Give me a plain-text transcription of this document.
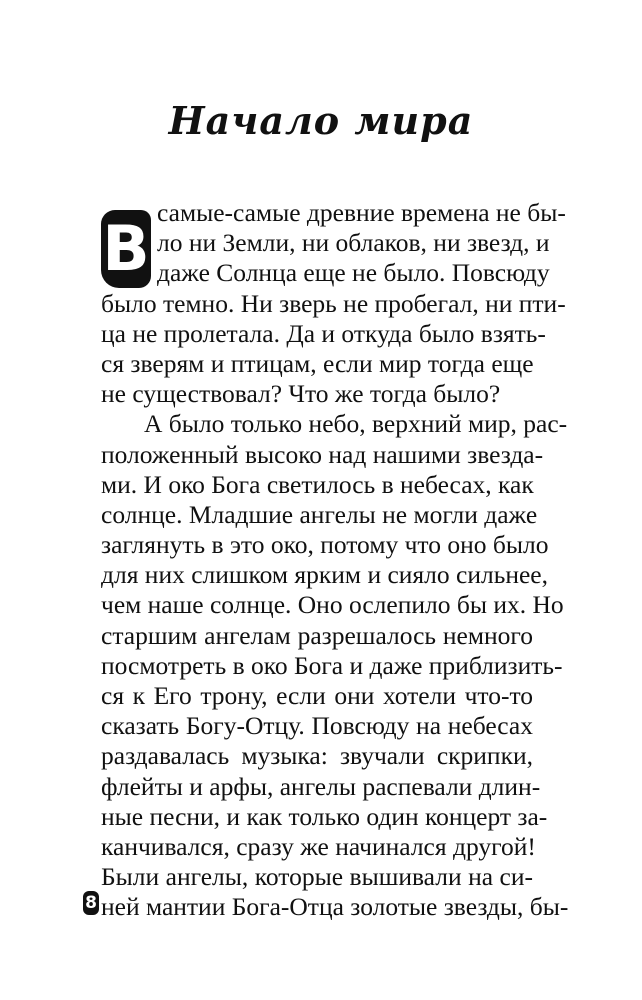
Начало мира
В самые-самые древние времена не бы-
ло ни Земли, ни облаков, ни звезд, и
даже Солнца еще не было. Повсюду
было темно. Ни зверь не пробегал, ни пти-
ца не пролетала. Да и откуда было взять-
ся зверям и птицам, если мир тогда еще
не существовал? Что же тогда было?
А было только небо, верхний мир, рас-
положенный высоко над нашими звезда-
ми. И око Бога светилось в небесах, как
солнце. Младшие ангелы не могли даже
заглянуть в это око, потому что оно было
для них слишком ярким и сияло сильнее,
чем наше солнце. Оно ослепило бы их. Но
старшим ангелам разрешалось немного
посмотреть в око Бога и даже приблизить-
ся к Его трону, если они хотели что-то
сказать Богу-Отцу. Повсюду на небесах
раздавалась музыка: звучали скрипки,
флейты и арфы, ангелы распевали длин-
ные песни, и как только один концерт за-
канчивался, сразу же начинался другой!
Были ангелы, которые вышивали на си-
ней мантии Бога-Отца золотые звезды, бы-
8
